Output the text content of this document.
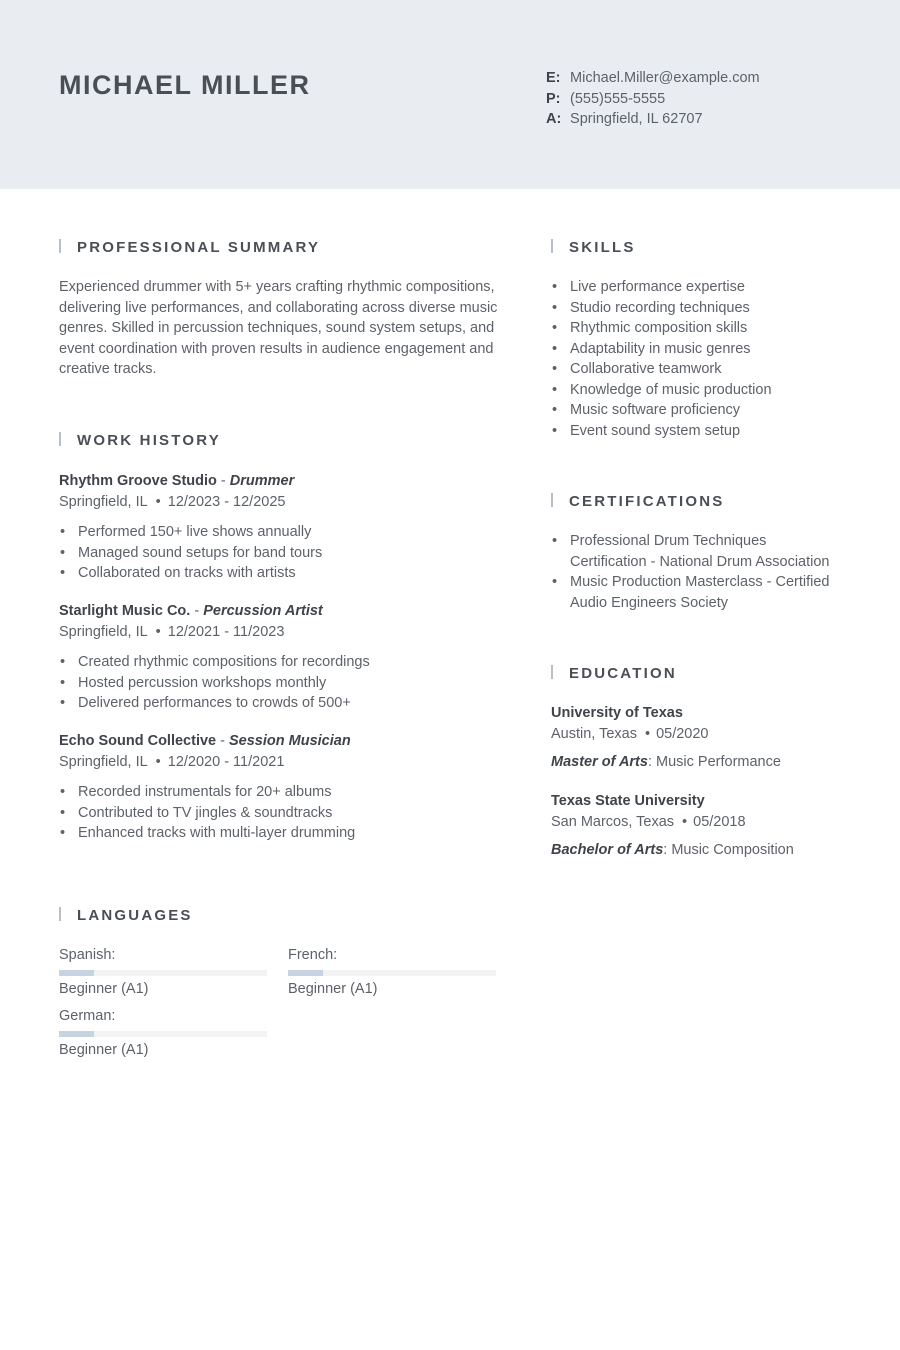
MICHAEL MILLER	E: Michael.Miller@example.com
P: (555)555-5555
A: Springfield, IL 62707
PROFESSIONAL SUMMARY

Experienced drummer with 5+ years crafting rhythmic compositions, delivering live performances, and collaborating across diverse music genres. Skilled in percussion techniques, sound system setups, and event coordination with proven results in audience engagement and creative tracks.

WORK HISTORY
Rhythm Groove Studio - Drummer
Springfield, IL • 12/2023 - 12/2025
• Performed 150+ live shows annually
• Managed sound setups for band tours
• Collaborated on tracks with artists
Starlight Music Co. - Percussion Artist
Springfield, IL • 12/2021 - 11/2023
• Created rhythmic compositions for recordings
• Hosted percussion workshops monthly
• Delivered performances to crowds of 500+
Echo Sound Collective - Session Musician
Springfield, IL • 12/2020 - 11/2021
• Recorded instrumentals for 20+ albums
• Contributed to TV jingles & soundtracks
• Enhanced tracks with multi-layer drumming
SKILLS
• Live performance expertise
• Studio recording techniques
• Rhythmic composition skills
• Adaptability in music genres
• Collaborative teamwork
• Knowledge of music production
• Music software proficiency
• Event sound system setup
CERTIFICATIONS
• Professional Drum Techniques Certification - National Drum Association
• Music Production Masterclass - Certified Audio Engineers Society
EDUCATION
University of Texas
Austin, Texas • 05/2020
Master of Arts: Music Performance
Texas State University
San Marcos, Texas • 05/2018
Bachelor of Arts: Music Composition
LANGUAGES
Spanish:
Beginner (A1)
French:
Beginner (A1)
German:
Beginner (A1)
